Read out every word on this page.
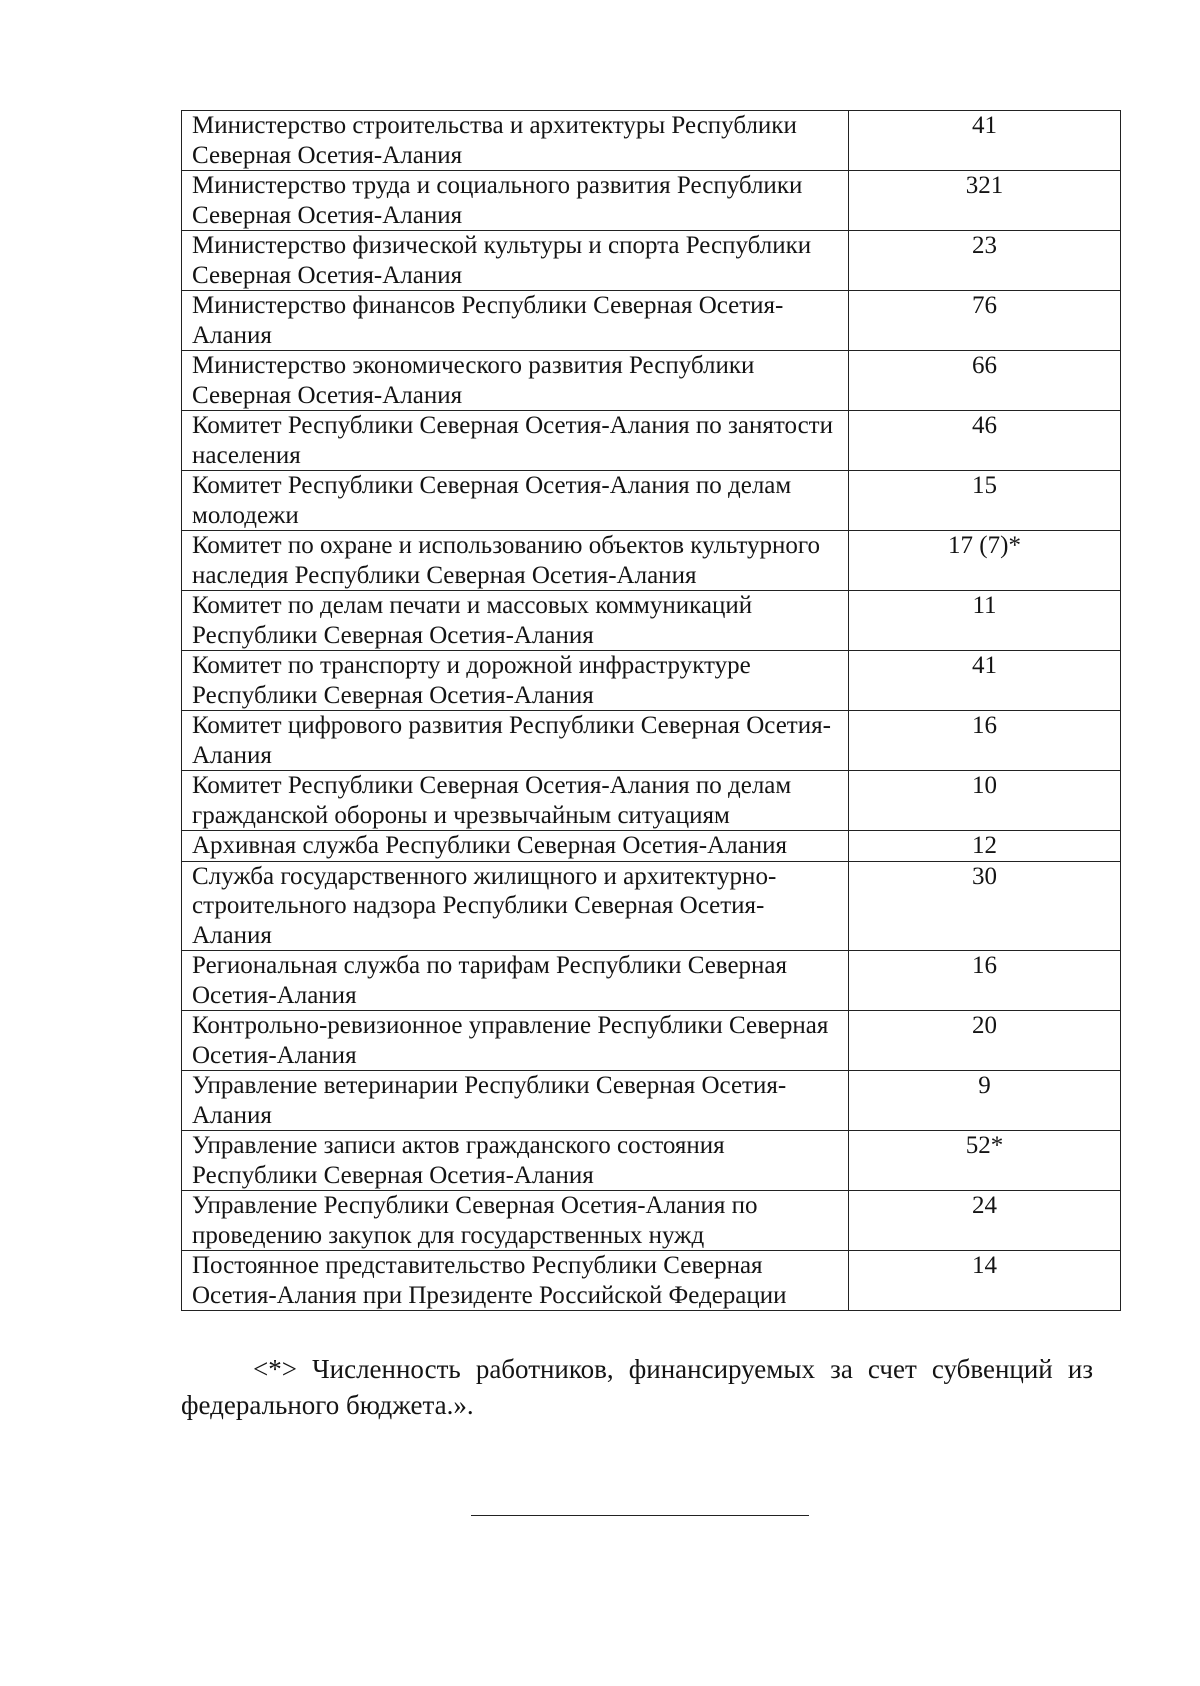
Министерство строительства и архитектуры Республики Северная Осетия-Алания	41
Министерство труда и социального развития Республики Северная Осетия-Алания	321
Министерство физической культуры и спорта Республики Северная Осетия-Алания	23
Министерство финансов Республики Северная Осетия-Алания	76
Министерство экономического развития Республики Северная Осетия-Алания	66
Комитет Республики Северная Осетия-Алания по занятости населения	46
Комитет Республики Северная Осетия-Алания по делам молодежи	15
Комитет по охране и использованию объектов культурного наследия Республики Северная Осетия-Алания	17 (7)*
Комитет по делам печати и массовых коммуникаций Республики Северная Осетия-Алания	11
Комитет по транспорту и дорожной инфраструктуре Республики Северная Осетия-Алания	41
Комитет цифрового развития Республики Северная Осетия-Алания	16
Комитет Республики Северная Осетия-Алания по делам гражданской обороны и чрезвычайным ситуациям	10
Архивная служба Республики Северная Осетия-Алания	12
Служба государственного жилищного и архитектурно-строительного надзора Республики Северная Осетия-Алания	30
Региональная служба по тарифам Республики Северная Осетия-Алания	16
Контрольно-ревизионное управление Республики Северная Осетия-Алания	20
Управление ветеринарии Республики Северная Осетия-Алания	9
Управление записи актов гражданского состояния Республики Северная Осетия-Алания	52*
Управление Республики Северная Осетия-Алания по проведению закупок для государственных нужд	24
Постоянное представительство Республики Северная Осетия-Алания при Президенте Российской Федерации	14
<*> Численность работников, финансируемых за счет субвенций из федерального бюджета.».
